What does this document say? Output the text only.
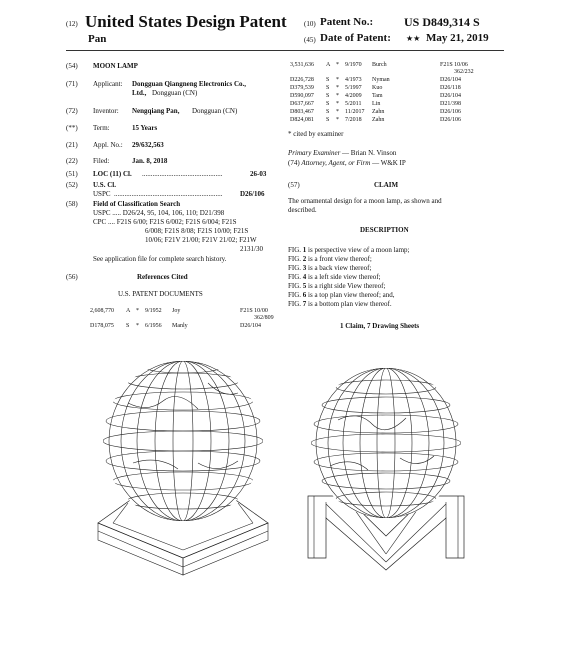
(12) United States Design Patent (10) Patent No.:	US D849,314 S
Pan	(45) Date of Patent: ★★ May 21, 2019
(54) MOON LAMP
(71) Applicant: Dongguan Qiangneng Electronics Co.,
Ltd., Dongguan (CN)
(72) Inventor: Nengqiang Pan, Dongguan (CN)
(**) Term:	15 Years
(21) Appl. No.: 29/632,563
(22) Filed:	Jan. 8, 2018
(51) LOC (11) Cl. ..............................................	26-03
(52) U.S. Cl.
USPC ..............................................................	D26/106
(58) Field of Classification Search
USPC ..... D26/24, 95, 104, 106, 110; D21/398
CPC .... F21S 6/00; F21S 6/002; F21S 6/004; F21S
6/008; F21S 8/08; F21S 10/00; F21S
10/06; F21V 21/00; F21V 21/02; F21W
2131/30
See application file for complete search history.
(56)	References Cited
U.S. PATENT DOCUMENTS
2,608,770 A * 9/1952 Joy	F21S 10/00
362/809
D178,075 S * 6/1956 Manly	D26/104
3,531,636 A * 9/1970 Burch	F21S 10/06
362/232
D226,728 S * 4/1973 Nyman	D26/104
D379,539 S * 5/1997 Kuo	D26/118
D590,097 S * 4/2009 Tam	D26/104
D637,667 S * 5/2011 Lin	D21/398
D803,467 S * 11/2017 Zahn	D26/106
D824,081 S * 7/2018 Zahn	D26/106
* cited by examiner
Primary Examiner — Brian N. Vinson
(74) Attorney, Agent, or Firm — W&K IP
(57)	CLAIM
The ornamental design for a moon lamp, as shown and
described.
DESCRIPTION
FIG. 1 is perspective view of a moon lamp;
FIG. 2 is a front view thereof;
FIG. 3 is a back view thereof;
FIG. 4 is a left side view thereof;
FIG. 5 is a right side View thereof;
FIG. 6 is a top plan view thereof; and,
FIG. 7 is a bottom plan view thereof.
1 Claim, 7 Drawing Sheets
